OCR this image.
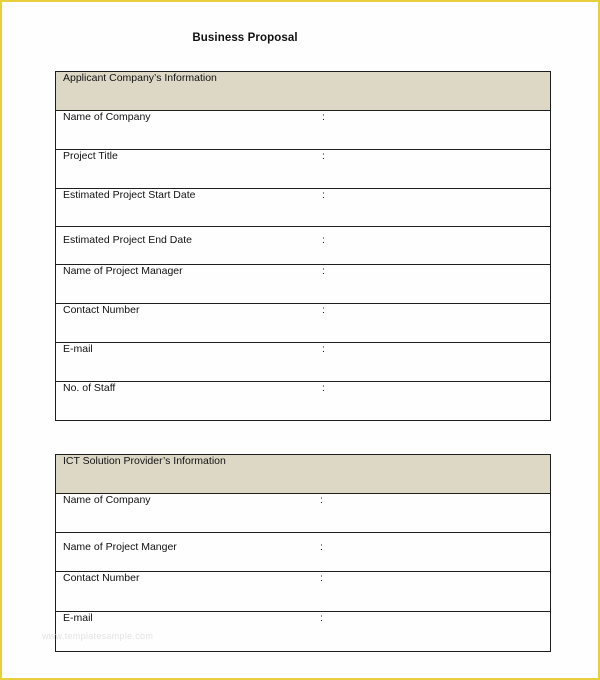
Business Proposal
Applicant Company’s Information

Name of Company	:

Project Title	:

Estimated Project Start Date	:

Estimated Project End Date	:

Name of Project Manager	:

Contact Number	:

E-mail	:

No. of Staff	:
ICT Solution Provider’s Information

Name of Company	:

Name of Project Manger	:

Contact Number	:

E-mail	:
www.templatesample.com
